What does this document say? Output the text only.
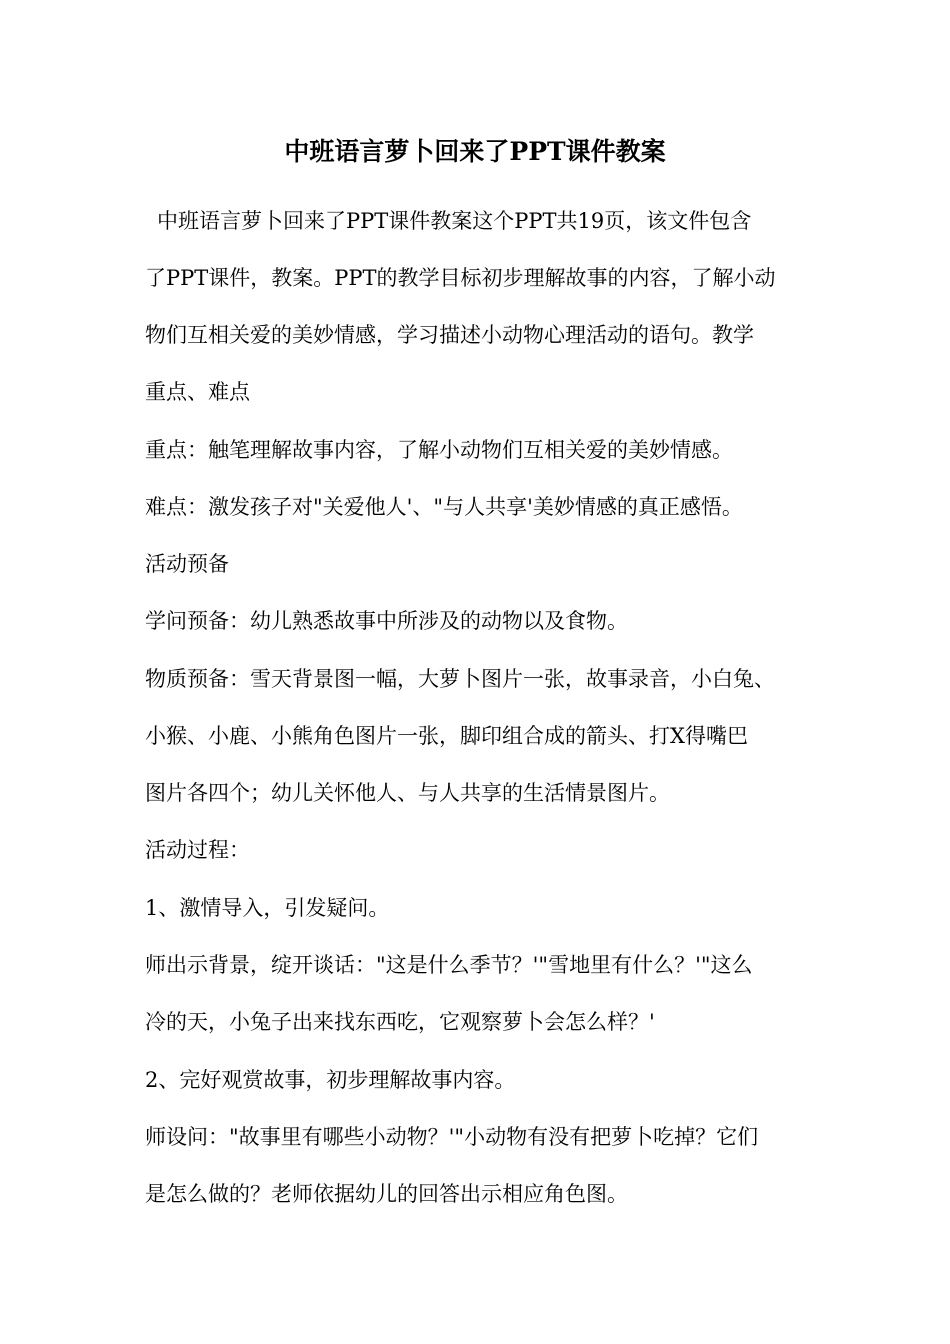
中班语言萝卜回来了PPT课件教案
中班语言萝卜回来了PPT课件教案这个PPT共19页，该文件包含
了PPT课件，教案。PPT的教学目标初步理解故事的内容，了解小动
物们互相关爱的美妙情感，学习描述小动物心理活动的语句。教学
重点、难点
重点：触笔理解故事内容，了解小动物们互相关爱的美妙情感。
难点：激发孩子对"关爱他人'、"与人共享'美妙情感的真正感悟。
活动预备
学问预备：幼儿熟悉故事中所涉及的动物以及食物。
物质预备：雪天背景图一幅，大萝卜图片一张，故事录音，小白兔、
小猴、小鹿、小熊角色图片一张，脚印组合成的箭头、打X得嘴巴
图片各四个；幼儿关怀他人、与人共享的生活情景图片。
活动过程：
1、激情导入，引发疑问。
师出示背景，绽开谈话："这是什么季节？'"雪地里有什么？'"这么
冷的天，小兔子出来找东西吃，它观察萝卜会怎么样？'
2、完好观赏故事，初步理解故事内容。
师设问："故事里有哪些小动物？'"小动物有没有把萝卜吃掉？它们
是怎么做的？老师依据幼儿的回答出示相应角色图。
